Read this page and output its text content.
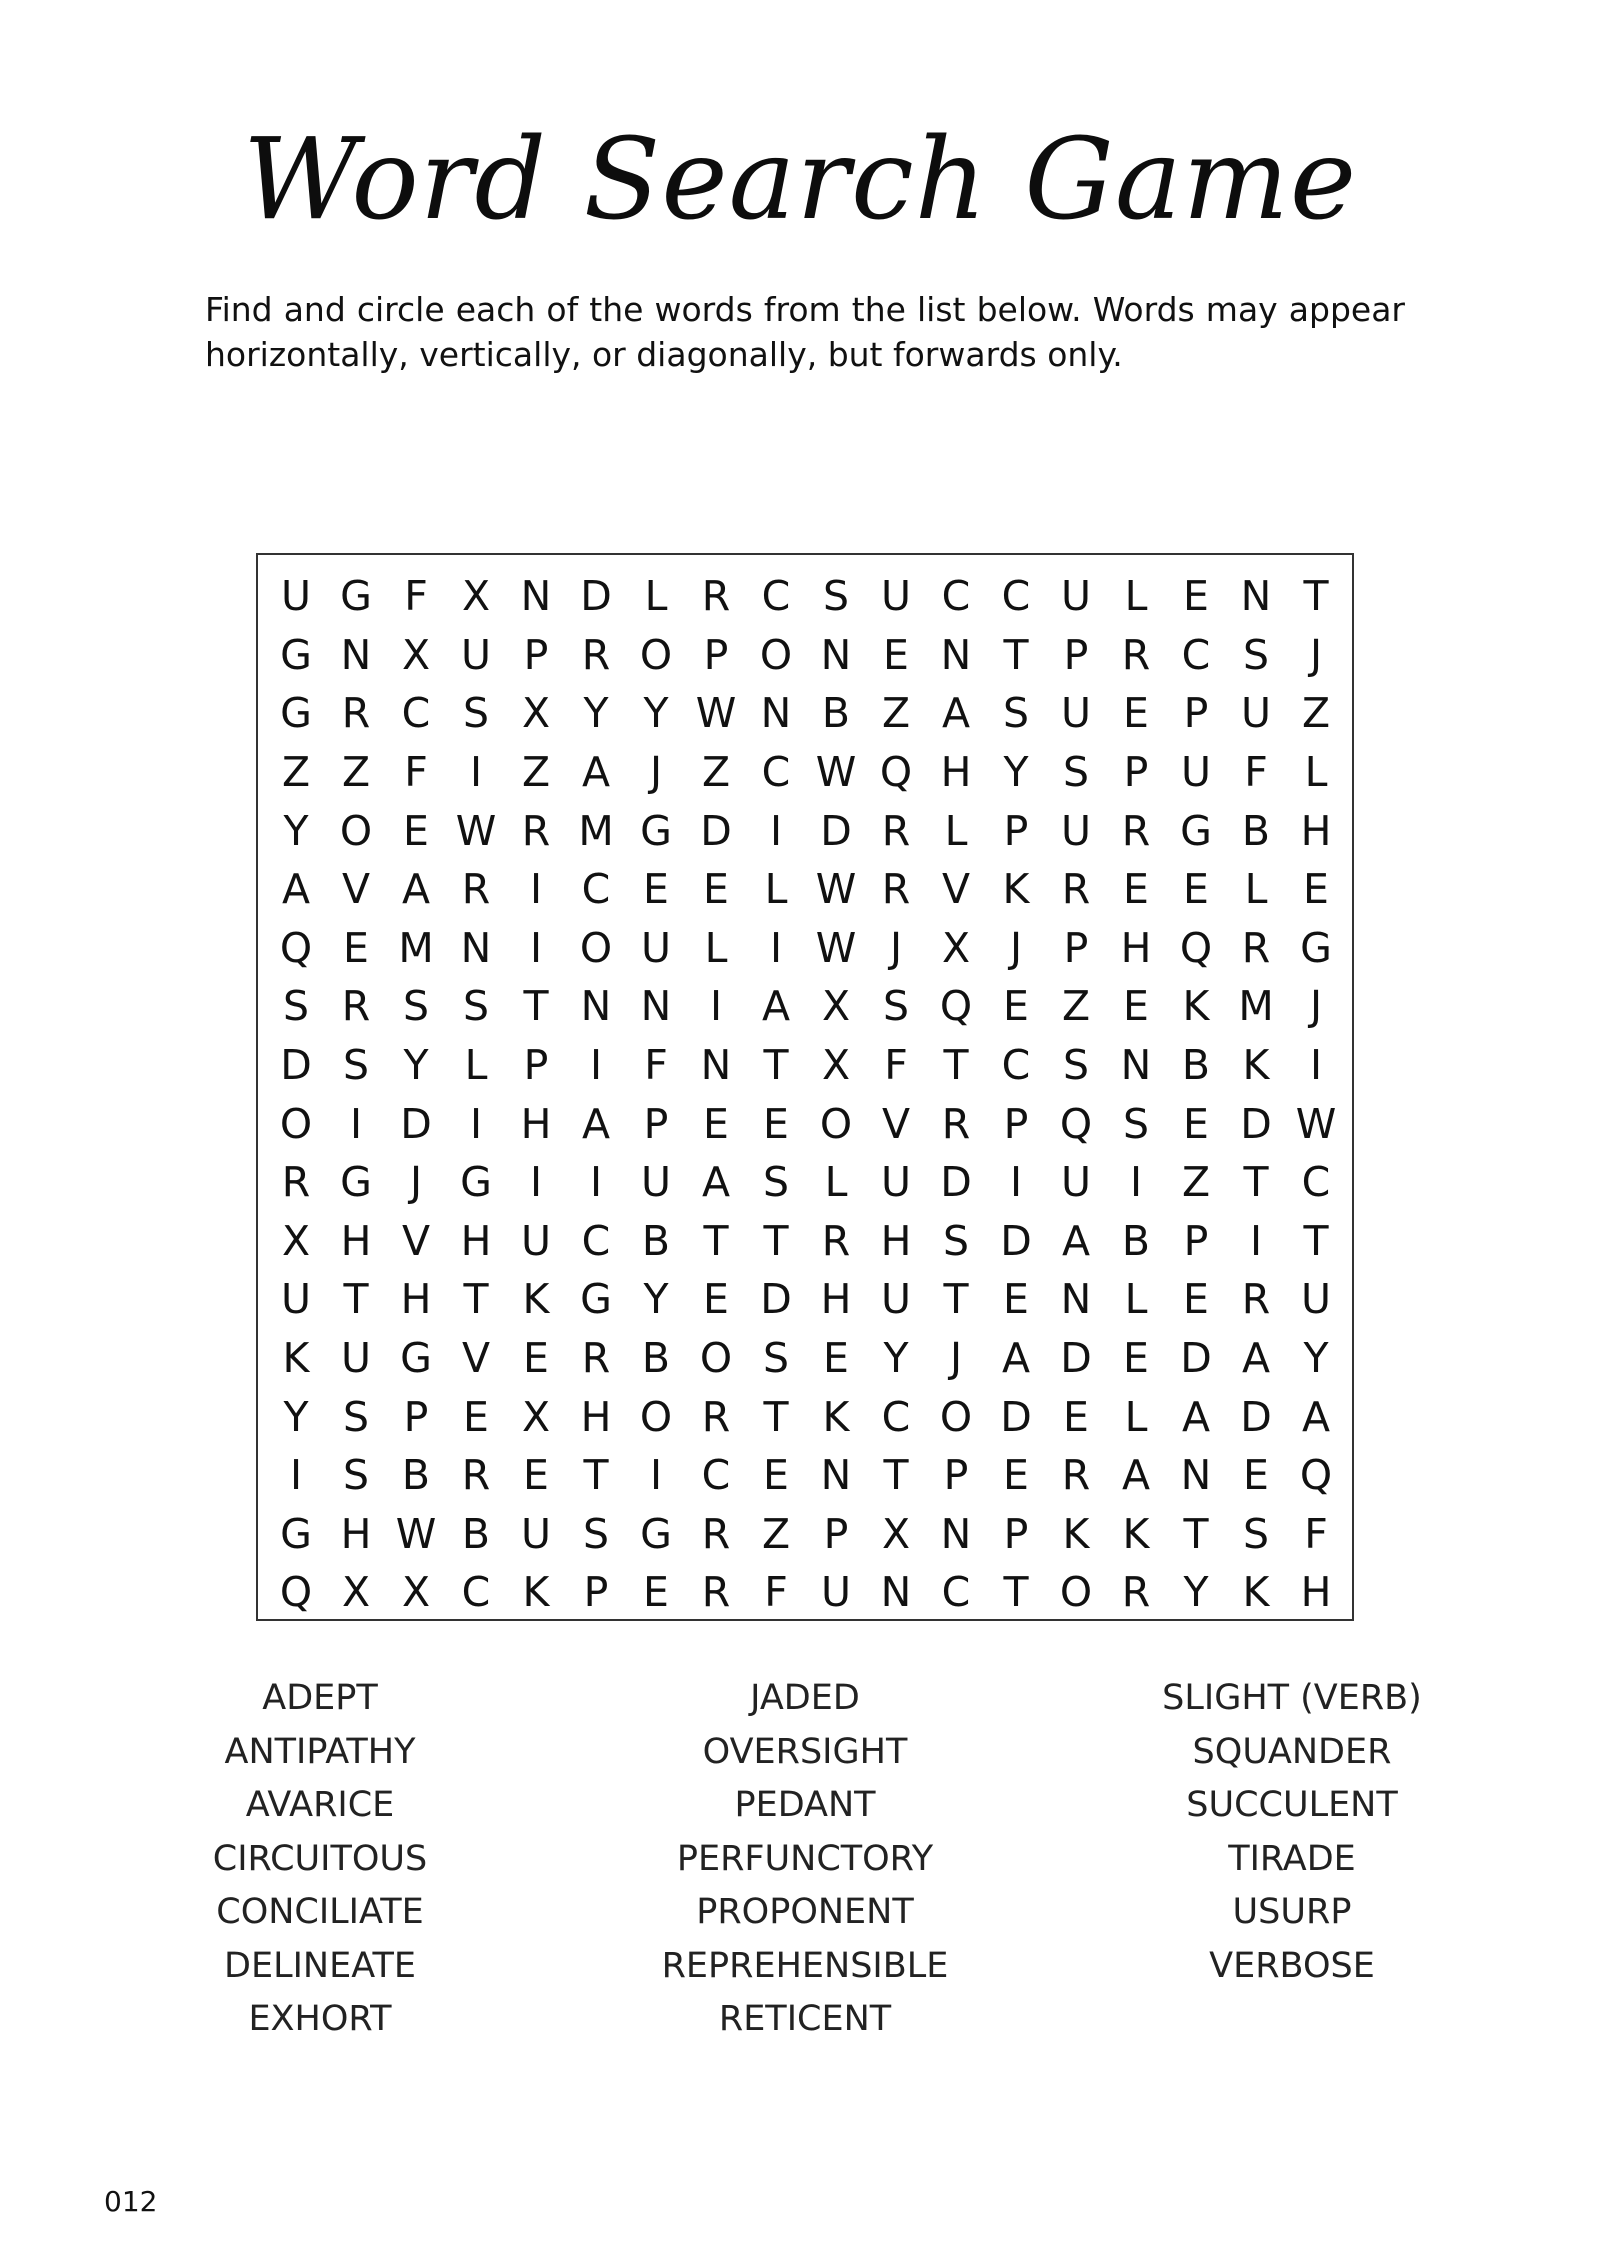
Word Search Game
Find and circle each of the words from the list below. Words may appear horizontally, vertically, or diagonally, but forwards only.
U G F X N D L R C S U C C U L E N T
G N X U P R O P O N E N T P R C S J
G R C S X Y Y W N B Z A S U E P U Z
Z Z F	I Z A J Z C W Q H Y S P U F L
Y O E W R M G D I D R L P U R G B H
A V A R I C E E L W R V K R E E L E
Q E M N I O U L	I W J X J	P H Q R G
S R S S T N N I A X S Q E Z E K M J
D S Y L P	I	F N T X F T C S N B K I
O I D I H A P E E O V R P Q S E D W
R G J G I	I U A S L U D I U I Z T C
X H V H U C B T T R H S D A B P	I	T
U T H T K G Y E D H U T E N L E R U
K U G V E R B O S E Y	J A D E D A Y
Y S P E X H O R T K C O D E L A D A
I S B R E T	I C E N T P E R A N E Q
G H W B U S G R Z P X N P K K T S F
Q X X C K P E R F U N C T O R Y K H
ADEPT
ANTIPATHY
AVARICE
CIRCUITOUS
CONCILIATE
DELINEATE
EXHORT
JADED
OVERSIGHT
PEDANT
PERFUNCTORY
PROPONENT
REPREHENSIBLE
RETICENT
SLIGHT (VERB)
SQUANDER
SUCCULENT
TIRADE
USURP
VERBOSE
012
